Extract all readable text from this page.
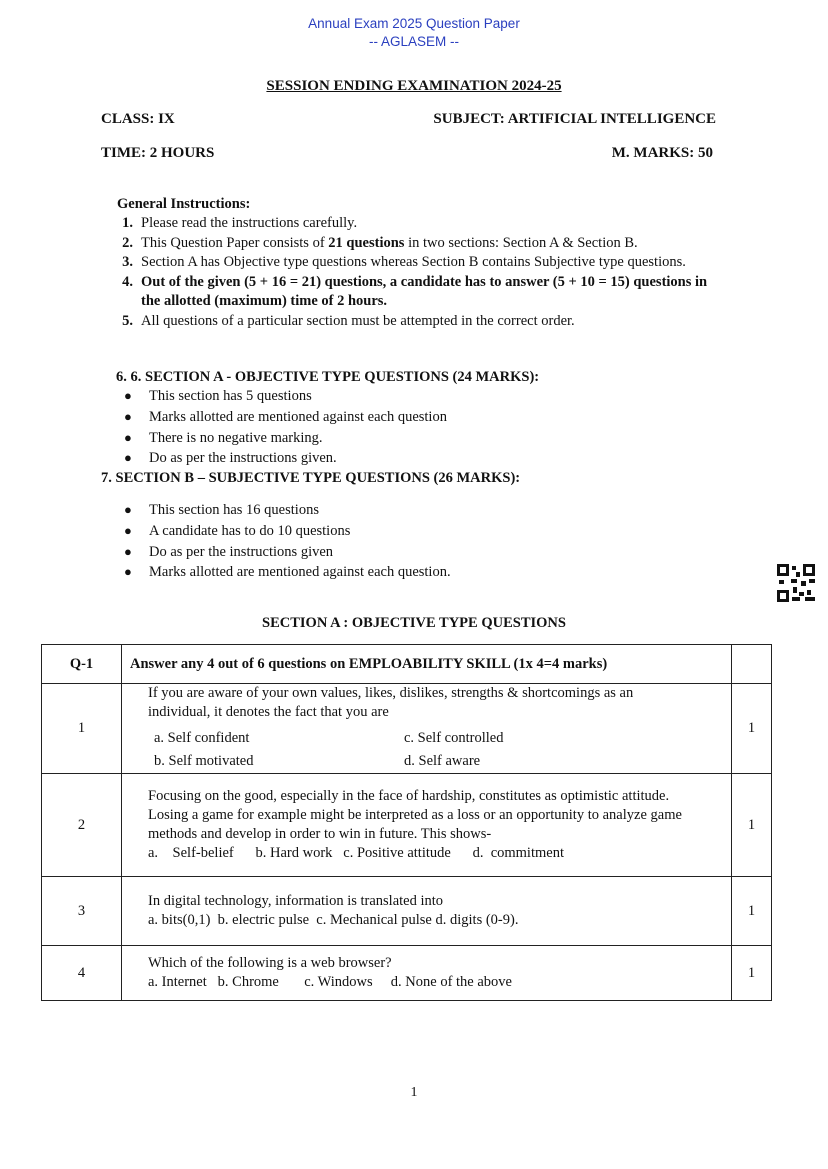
Annual Exam 2025 Question Paper
-- AGLASEM --
SESSION ENDING EXAMINATION 2024-25
CLASS: IX	SUBJECT: ARTIFICIAL INTELLIGENCE
TIME: 2 HOURS	M. MARKS: 50
General Instructions:
1. Please read the instructions carefully.
2. This Question Paper consists of 21 questions in two sections: Section A & Section B.
3. Section A has Objective type questions whereas Section B contains Subjective type questions.
4. Out of the given (5 + 16 = 21) questions, a candidate has to answer (5 + 10 = 15) questions in the allotted (maximum) time of 2 hours.
5. All questions of a particular section must be attempted in the correct order.
6. 6. SECTION A - OBJECTIVE TYPE QUESTIONS (24 MARKS):
●	This section has 5 questions
●	Marks allotted are mentioned against each question
●	There is no negative marking.
●	Do as per the instructions given.
7. SECTION B – SUBJECTIVE TYPE QUESTIONS (26 MARKS):
●	This section has 16 questions
●	A candidate has to do 10 questions
●	Do as per the instructions given
●	Marks allotted are mentioned against each question.
SECTION A : OBJECTIVE TYPE QUESTIONS
Q-1	Answer any 4 out of 6 questions on EMPLOABILITY SKILL (1x 4=4 marks)	
1	If you are aware of your own values, likes, dislikes, strengths & shortcomings as an individual, it denotes the fact that you are
a. Self confident c. Self controlled
b. Self motivated d. Self aware	1
2	Focusing on the good, especially in the face of hardship, constitutes as optimistic attitude. Losing a game for example might be interpreted as a loss or an opportunity to analyze game methods and develop in order to win in future. This shows-
a.    Self-belief      b. Hard work   c. Positive attitude      d.  commitment	1
3	In digital technology, information is translated into
a. bits(0,1)  b. electric pulse  c. Mechanical pulse d. digits (0-9).	1
4	Which of the following is a web browser?
a. Internet   b. Chrome       c. Windows     d. None of the above	1
1
